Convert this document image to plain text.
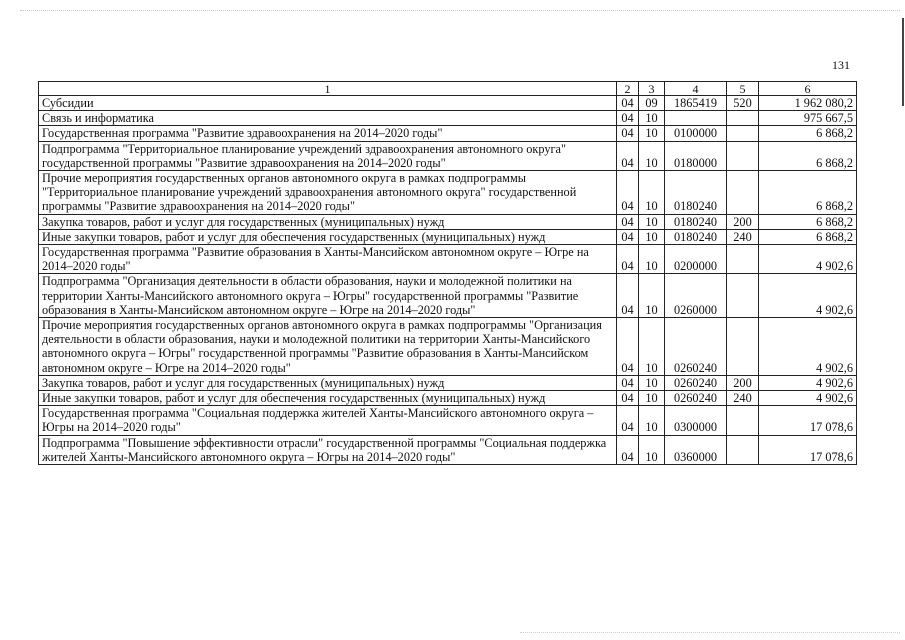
131
1	2	3	4	5	6
Субсидии	04	09	1865419	520	1 962 080,2
Связь и информатика	04	10			975 667,5
Государственная программа "Развитие здравоохранения на 2014–2020 годы"	04	10	0100000		6 868,2
Подпрограмма "Территориальное планирование учреждений здравоохранения автономного округа" государственной программы "Развитие здравоохранения на 2014–2020 годы"	04	10	0180000		6 868,2
Прочие мероприятия государственных органов автономного округа в рамках подпрограммы "Территориальное планирование учреждений здравоохранения автономного округа" государственной программы "Развитие здравоохранения на 2014–2020 годы"	04	10	0180240		6 868,2
Закупка товаров, работ и услуг для государственных (муниципальных) нужд	04	10	0180240	200	6 868,2
Иные закупки товаров, работ и услуг для обеспечения государственных (муниципальных) нужд	04	10	0180240	240	6 868,2
Государственная программа "Развитие образования в Ханты-Мансийском автономном округе – Югре на 2014–2020 годы"	04	10	0200000		4 902,6
Подпрограмма "Организация деятельности в области образования, науки и молодежной политики на территории Ханты-Мансийского автономного округа – Югры" государственной программы "Развитие образования в Ханты-Мансийском автономном округе – Югре на 2014–2020 годы"	04	10	0260000		4 902,6
Прочие мероприятия государственных органов автономного округа в рамках подпрограммы "Организация деятельности в области образования, науки и молодежной политики на территории Ханты-Мансийского автономного округа – Югры" государственной программы "Развитие образования в Ханты-Мансийском автономном округе – Югре на 2014–2020 годы"	04	10	0260240		4 902,6
Закупка товаров, работ и услуг для государственных (муниципальных) нужд	04	10	0260240	200	4 902,6
Иные закупки товаров, работ и услуг для обеспечения государственных (муниципальных) нужд	04	10	0260240	240	4 902,6
Государственная программа "Социальная поддержка жителей Ханты-Мансийского автономного округа – Югры на 2014–2020 годы"	04	10	0300000		17 078,6
Подпрограмма "Повышение эффективности отрасли" государственной программы "Социальная поддержка жителей Ханты-Мансийского автономного округа – Югры на 2014–2020 годы"	04	10	0360000		17 078,6
